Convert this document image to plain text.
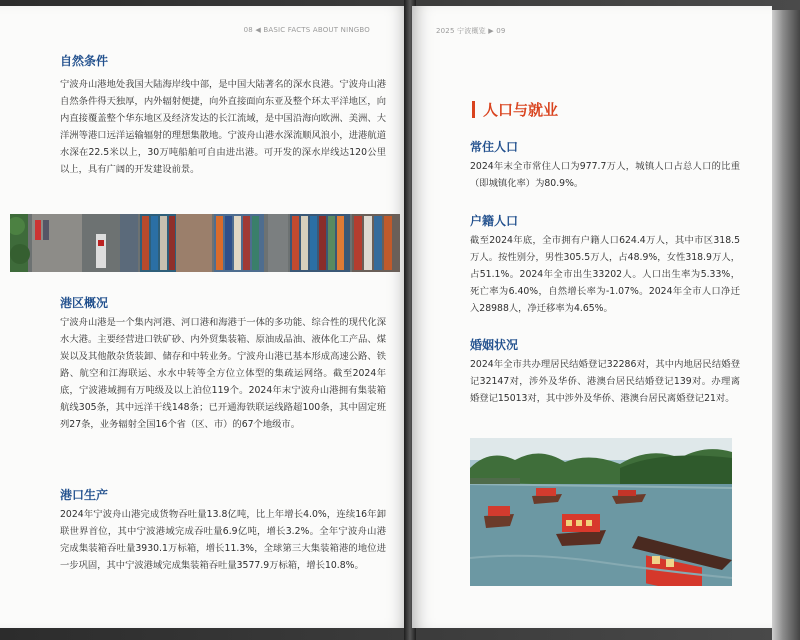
08 ◀ BASIC FACTS ABOUT NINGBO
自然条件
宁波舟山港地处我国大陆海岸线中部，是中国大陆著名的深水良港。宁波舟山港自然条件得天独厚，内外辐射便捷，向外直接面向东亚及整个环太平洋地区，向内直接覆盖整个华东地区及经济发达的长江流域，是中国沿海向欧洲、美洲、大洋洲等港口远洋运输辐射的理想集散地。宁波舟山港水深流顺风浪小，进港航道水深在22.5米以上，30万吨船舶可自由进出港。可开发的深水岸线达120公里以上，具有广阔的开发建设前景。
港区概况
宁波舟山港是一个集内河港、河口港和海港于一体的多功能、综合性的现代化深水大港。主要经营进口铁矿砂、内外贸集装箱、原油成品油、液体化工产品、煤炭以及其他散杂货装卸、储存和中转业务。宁波舟山港已基本形成高速公路、铁路、航空和江海联运、水水中转等全方位立体型的集疏运网络。截至2024年底，宁波港域拥有万吨级及以上泊位119个。2024年末宁波舟山港拥有集装箱航线305条，其中远洋干线148条；已开通海铁联运线路超100条，其中固定班列27条，业务辐射全国16个省（区、市）的67个地级市。
港口生产
2024年宁波舟山港完成货物吞吐量13.8亿吨，比上年增长4.0%，连续16年卸联世界首位，其中宁波港域完成吞吐量6.9亿吨，增长3.2%。全年宁波舟山港完成集装箱吞吐量3930.1万标箱，增长11.3%，全球第三大集装箱港的地位进一步巩固，其中宁波港域完成集装箱吞吐量3577.9万标箱，增长10.8%。
2025 宁波概览 ▶ 09
人口与就业
常住人口
2024年末全市常住人口为977.7万人，城镇人口占总人口的比重（即城镇化率）为80.9%。
户籍人口
截至2024年底，全市拥有户籍人口624.4万人，其中市区318.5万人。按性别分，男性305.5万人，占48.9%，女性318.9万人，占51.1%。2024年全市出生33202人。人口出生率为5.33%，死亡率为6.40%，自然增长率为-1.07%。2024年全市人口净迁入28988人，净迁移率为4.65%。
婚姻状况
2024年全市共办理居民结婚登记32286对，其中内地居民结婚登记32147对，涉外及华侨、港澳台居民结婚登记139对。办理离婚登记15013对，其中涉外及华侨、港澳台居民离婚登记21对。
